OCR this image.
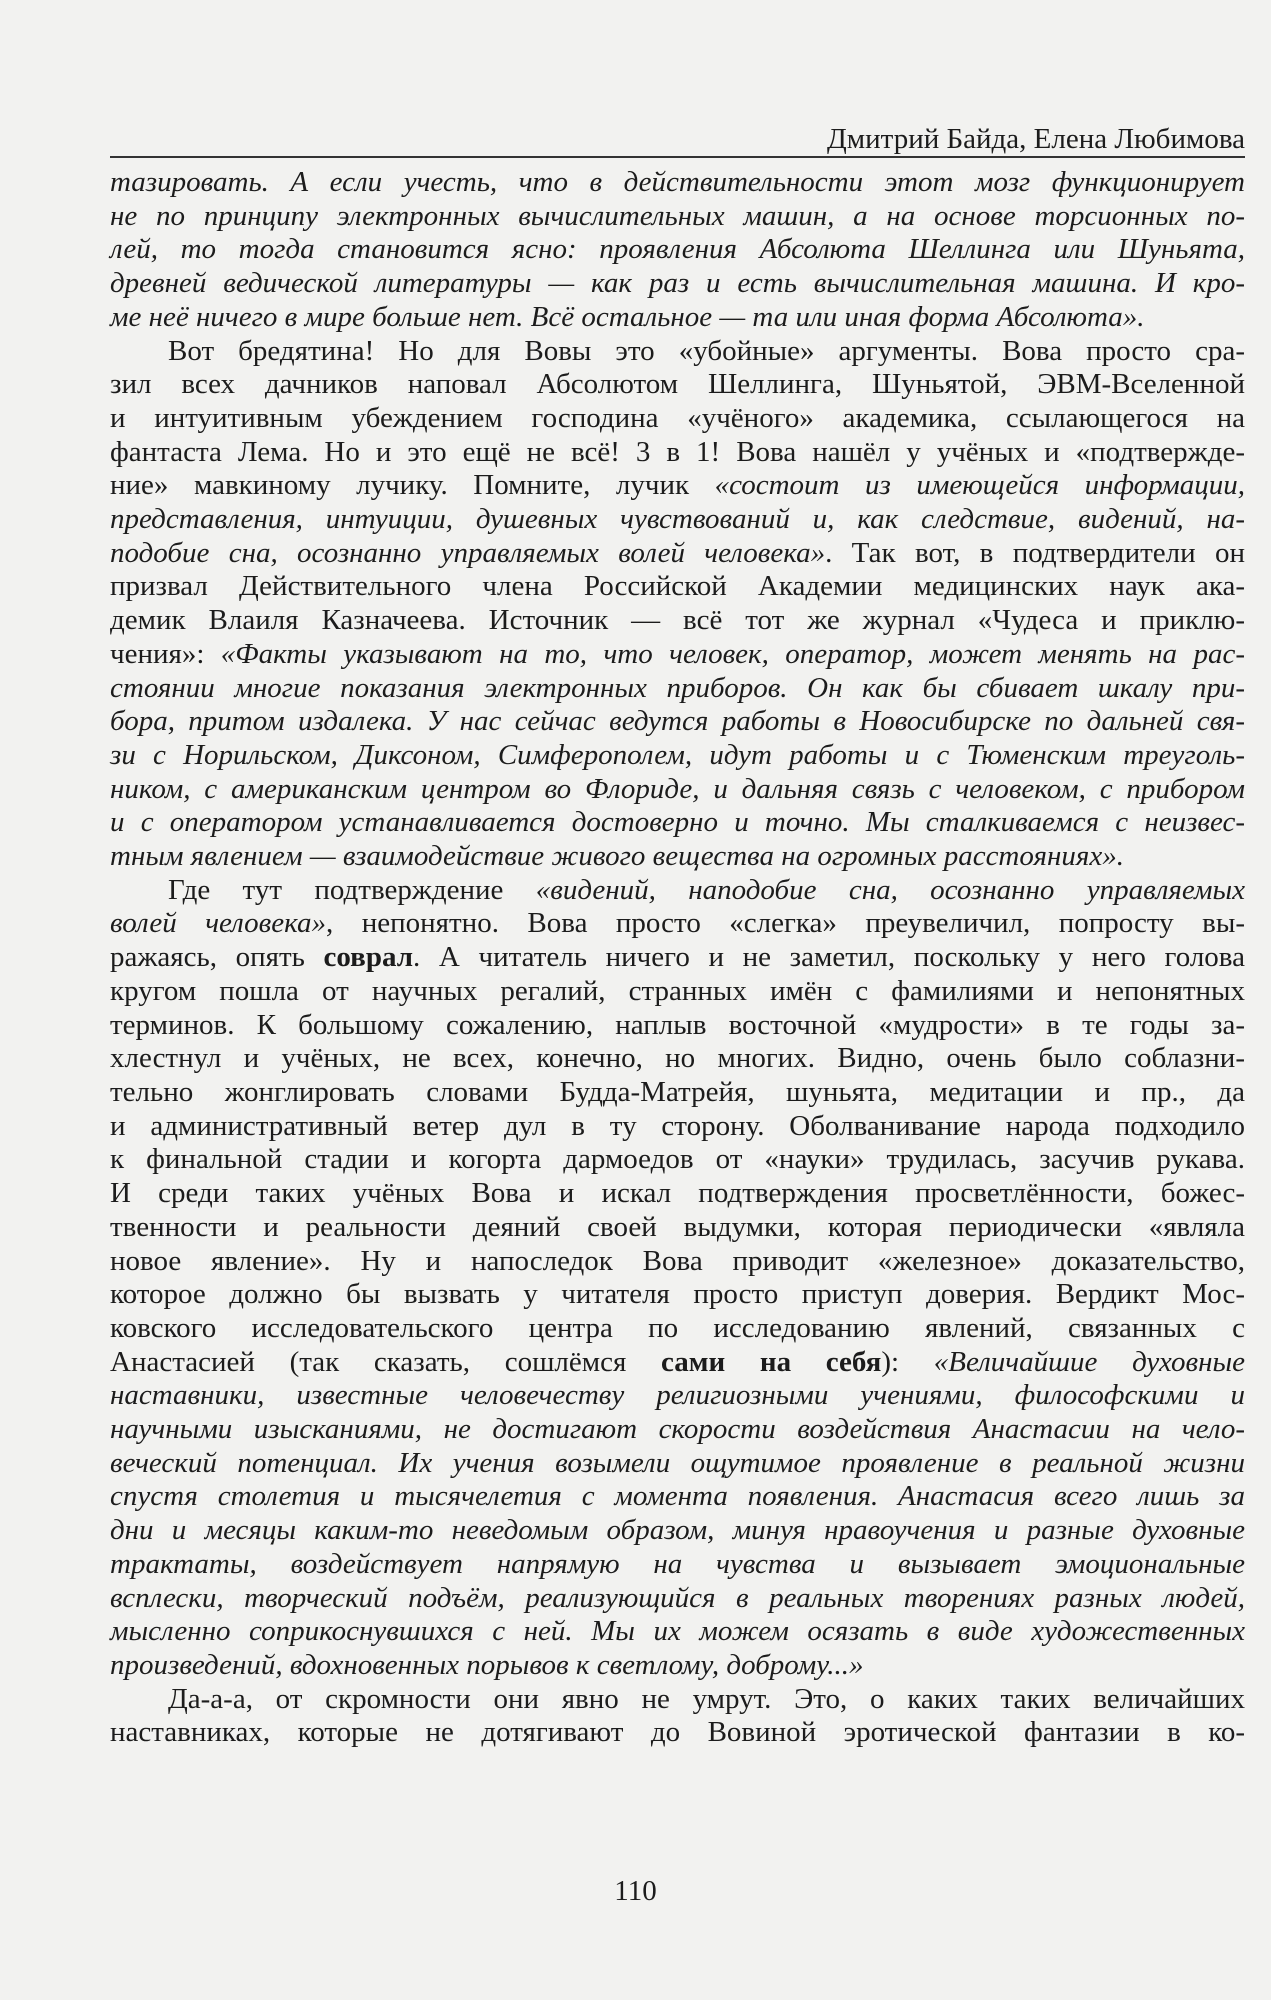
Дмитрий Байда, Елена Любимова

тазировать. А если учесть, что в действительности этот мозг функционирует
не по принципу электронных вычислительных машин, а на основе торсионных по-
лей, то тогда становится ясно: проявления Абсолюта Шеллинга или Шуньята,
древней ведической литературы — как раз и есть вычислительная машина. И кро-
ме неё ничего в мире больше нет. Всё остальное — та или иная форма Абсолюта».

Вот бредятина! Но для Вовы это «убойные» аргументы. Вова просто сра-
зил всех дачников наповал Абсолютом Шеллинга, Шуньятой, ЭВМ-Вселенной
и интуитивным убеждением господина «учёного» академика, ссылающегося на
фантаста Лема. Но и это ещё не всё! 3 в 1! Вова нашёл у учёных и «подтвержде-
ние» мавкиному лучику. Помните, лучик «состоит из имеющейся информации,
представления, интуиции, душевных чувствований и, как следствие, видений, на-
подобие сна, осознанно управляемых волей человека». Так вот, в подтвердители он
призвал Действительного члена Российской Академии медицинских наук ака-
демик Влаиля Казначеева. Источник — всё тот же журнал «Чудеса и приклю-
чения»: «Факты указывают на то, что человек, оператор, может менять на рас-
стоянии многие показания электронных приборов. Он как бы сбивает шкалу при-
бора, притом издалека. У нас сейчас ведутся работы в Новосибирске по дальней свя-
зи с Норильском, Диксоном, Симферополем, идут работы и с Тюменским треуголь-
ником, с американским центром во Флориде, и дальняя связь с человеком, с прибором
и с оператором устанавливается достоверно и точно. Мы сталкиваемся с неизвес-
тным явлением — взаимодействие живого вещества на огромных расстояниях».

Где тут подтверждение «видений, наподобие сна, осознанно управляемых
волей человека», непонятно. Вова просто «слегка» преувеличил, попросту вы-
ражаясь, опять соврал. А читатель ничего и не заметил, поскольку у него голова
кругом пошла от научных регалий, странных имён с фамилиями и непонятных
терминов. К большому сожалению, наплыв восточной «мудрости» в те годы за-
хлестнул и учёных, не всех, конечно, но многих. Видно, очень было соблазни-
тельно жонглировать словами Будда-Матрейя, шуньята, медитации и пр., да
и административный ветер дул в ту сторону. Оболванивание народа подходило
к финальной стадии и когорта дармоедов от «науки» трудилась, засучив рукава.
И среди таких учёных Вова и искал подтверждения просветлённости, божес-
твенности и реальности деяний своей выдумки, которая периодически «являла
новое явление». Ну и напоследок Вова приводит «железное» доказательство,
которое должно бы вызвать у читателя просто приступ доверия. Вердикт Мос-
ковского исследовательского центра по исследованию явлений, связанных с
Анастасией (так сказать, сошлёмся сами на себя): «Величайшие духовные
наставники, известные человечеству религиозными учениями, философскими и
научными изысканиями, не достигают скорости воздействия Анастасии на чело-
веческий потенциал. Их учения возымели ощутимое проявление в реальной жизни
спустя столетия и тысячелетия с момента появления. Анастасия всего лишь за
дни и месяцы каким-то неведомым образом, минуя нравоучения и разные духовные
трактаты, воздействует напрямую на чувства и вызывает эмоциональные
всплески, творческий подъём, реализующийся в реальных творениях разных людей,
мысленно соприкоснувшихся с ней. Мы их можем осязать в виде художественных
произведений, вдохновенных порывов к светлому, доброму...»

Да-а-а, от скромности они явно не умрут. Это, о каких таких величайших
наставниках, которые не дотягивают до Вовиной эротической фантазии в ко-

110
